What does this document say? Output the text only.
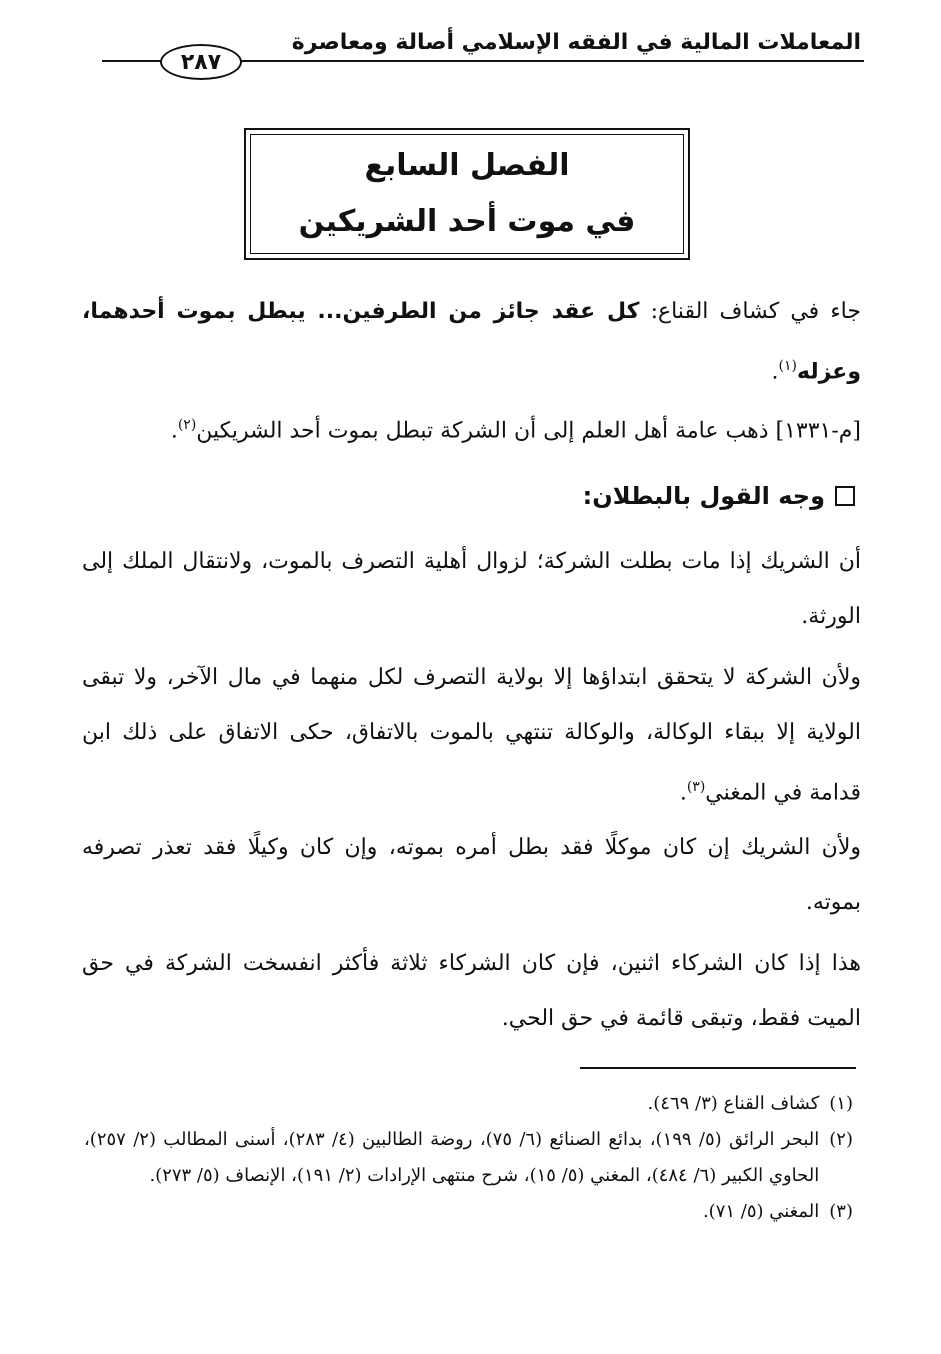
المعاملات المالية في الفقه الإسلامي أصالة ومعاصرة
٢٨٧
الفصل السابع
في موت أحد الشريكين
جاء في كشاف القناع: كل عقد جائز من الطرفين... يبطل بموت أحدهما، وعزله$^{(١)}$.
[م-١٣٣١] ذهب عامة أهل العلم إلى أن الشركة تبطل بموت أحد الشريكين$^{(٢)}$.
وجه القول بالبطلان:
أن الشريك إذا مات بطلت الشركة؛ لزوال أهلية التصرف بالموت، ولانتقال الملك إلى الورثة.
ولأن الشركة لا يتحقق ابتداؤها إلا بولاية التصرف لكل منهما في مال الآخر، ولا تبقى الولاية إلا ببقاء الوكالة، والوكالة تنتهي بالموت بالاتفاق، حكى الاتفاق على ذلك ابن قدامة في المغني$^{(٣)}$.
ولأن الشريك إن كان موكلًا فقد بطل أمره بموته، وإن كان وكيلًا فقد تعذر تصرفه بموته.
هذا إذا كان الشركاء اثنين، فإن كان الشركاء ثلاثة فأكثر انفسخت الشركة في حق الميت فقط، وتبقى قائمة في حق الحي.
(١)
كشاف القناع (٣/ ٤٦٩).
(٢)
البحر الرائق (٥/ ١٩٩)، بدائع الصنائع (٦/ ٧٥)، روضة الطالبين (٤/ ٢٨٣)، أسنى المطالب (٢/ ٢٥٧)، الحاوي الكبير (٦/ ٤٨٤)، المغني (٥/ ١٥)، شرح منتهى الإرادات (٢/ ١٩١)، الإنصاف (٥/ ٢٧٣).
(٣)
المغني (٥/ ٧١).
